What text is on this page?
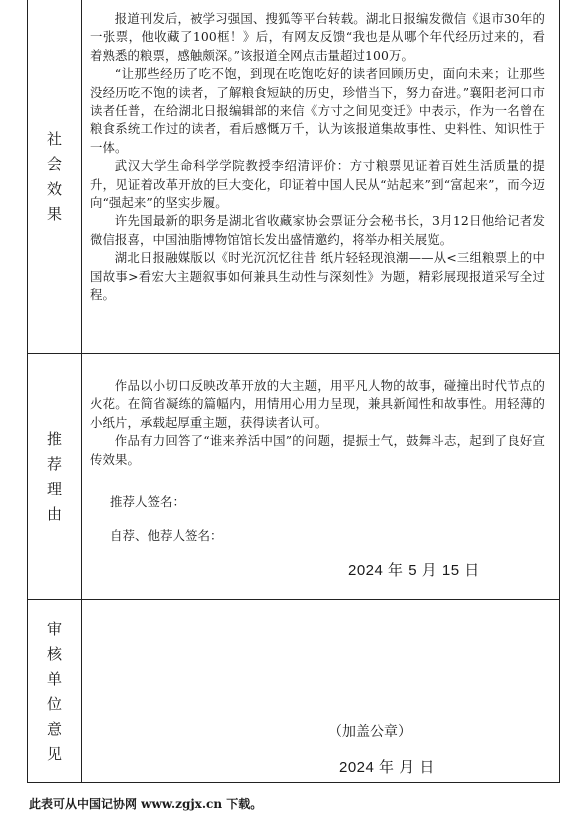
社会效果

报道刊发后，被学习强国、搜狐等平台转载。湖北日报编发微信《退市30年的一张票，他收藏了100框！》后，有网友反馈“我也是从哪个年代经历过来的，看着熟悉的粮票，感触颇深。”该报道全网点击量超过100万。

“让那些经历了吃不饱，到现在吃饱吃好的读者回顾历史，面向未来；让那些没经历吃不饱的读者，了解粮食短缺的历史，珍惜当下，努力奋进。”襄阳老河口市读者任普，在给湖北日报编辑部的来信《方寸之间见变迁》中表示，作为一名曾在粮食系统工作过的读者，看后感慨万千，认为该报道集故事性、史料性、知识性于一体。

武汉大学生命科学学院教授李绍清评价：方寸粮票见证着百姓生活质量的提升，见证着改革开放的巨大变化，印证着中国人民从“站起来”到“富起来”，而今迈向“强起来”的坚实步履。

许先国最新的职务是湖北省收藏家协会票证分会秘书长，3月12日他给记者发微信报喜，中国油脂博物馆馆长发出盛情邀约，将举办相关展览。

湖北日报融媒版以《时光沉沉忆往昔 纸片轻轻现浪潮——从<三组粮票上的中国故事>看宏大主题叙事如何兼具生动性与深刻性》为题，精彩展现报道采写全过程。

推荐理由

作品以小切口反映改革开放的大主题，用平凡人物的故事，碰撞出时代节点的火花。在简省凝练的篇幅内，用情用心用力呈现，兼具新闻性和故事性。用轻薄的小纸片，承载起厚重主题，获得读者认可。

作品有力回答了“谁来养活中国”的问题，提振士气，鼓舞斗志，起到了良好宣传效果。

推荐人签名：
自荐、他荐人签名：
2024 年 5 月 15 日
审核单位意见
（加盖公章）
2024 年 月 日
此表可从中国记协网 www.zgjx.cn 下载。
